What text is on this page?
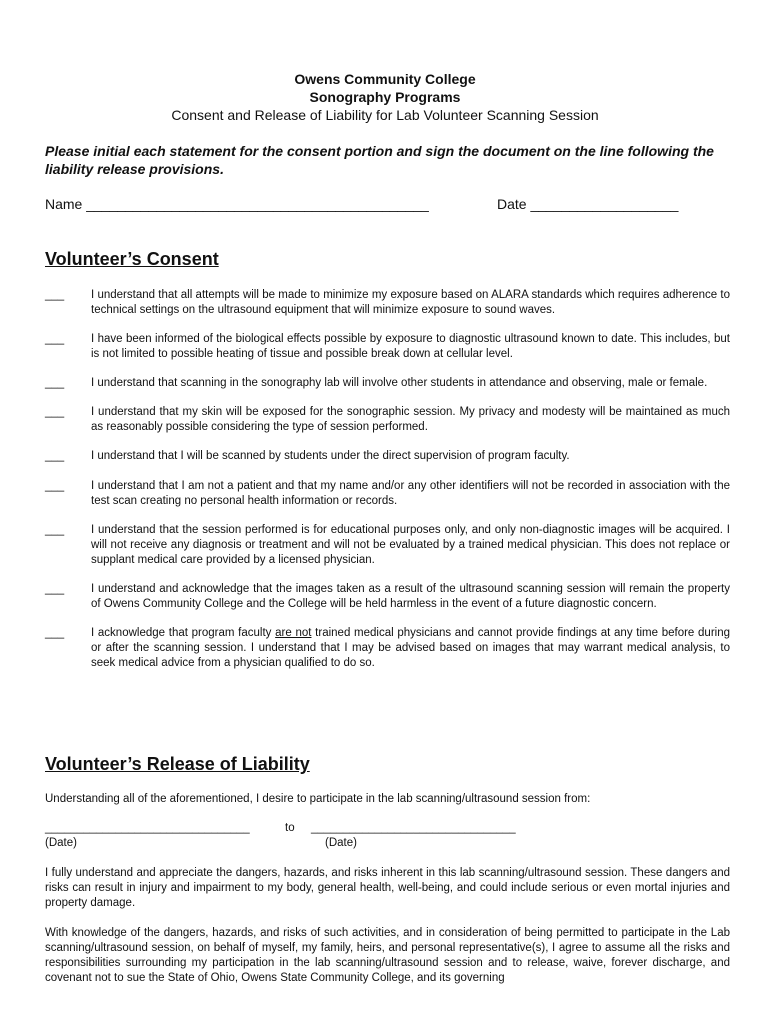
Owens Community College
Sonography Programs
Consent and Release of Liability for Lab Volunteer Scanning Session
Please initial each statement for the consent portion and sign the document on the line following the liability release provisions.
Name ____________________________________________	Date ___________________
Volunteer’s Consent
___	I understand that all attempts will be made to minimize my exposure based on ALARA standards which requires adherence to technical settings on the ultrasound equipment that will minimize exposure to sound waves.
___	I have been informed of the biological effects possible by exposure to diagnostic ultrasound known to date. This includes, but is not limited to possible heating of tissue and possible break down at cellular level.
___	I understand that scanning in the sonography lab will involve other students in attendance and observing, male or female.
___	I understand that my skin will be exposed for the sonographic session. My privacy and modesty will be maintained as much as reasonably possible considering the type of session performed.
___	I understand that I will be scanned by students under the direct supervision of program faculty.
___	I understand that I am not a patient and that my name and/or any other identifiers will not be recorded in association with the test scan creating no personal health information or records.
___	I understand that the session performed is for educational purposes only, and only non-diagnostic images will be acquired. I will not receive any diagnosis or treatment and will not be evaluated by a trained medical physician. This does not replace or supplant medical care provided by a licensed physician.
___	I understand and acknowledge that the images taken as a result of the ultrasound scanning session will remain the property of Owens Community College and the College will be held harmless in the event of a future diagnostic concern.
___	I acknowledge that program faculty are not trained medical physicians and cannot provide findings at any time before during or after the scanning session. I understand that I may be advised based on images that may warrant medical analysis, to seek medical advice from a physician qualified to do so.
Volunteer’s Release of Liability
Understanding all of the aforementioned, I desire to participate in the lab scanning/ultrasound session from:
________________________________	to ________________________________
(Date)	(Date)
I fully understand and appreciate the dangers, hazards, and risks inherent in this lab scanning/ultrasound session. These dangers and risks can result in injury and impairment to my body, general health, well-being, and could include serious or even mortal injuries and property damage.
With knowledge of the dangers, hazards, and risks of such activities, and in consideration of being permitted to participate in the Lab scanning/ultrasound session, on behalf of myself, my family, heirs, and personal representative(s), I agree to assume all the risks and responsibilities surrounding my participation in the lab scanning/ultrasound session and to release, waive, forever discharge, and covenant not to sue the State of Ohio, Owens State Community College, and its governing
